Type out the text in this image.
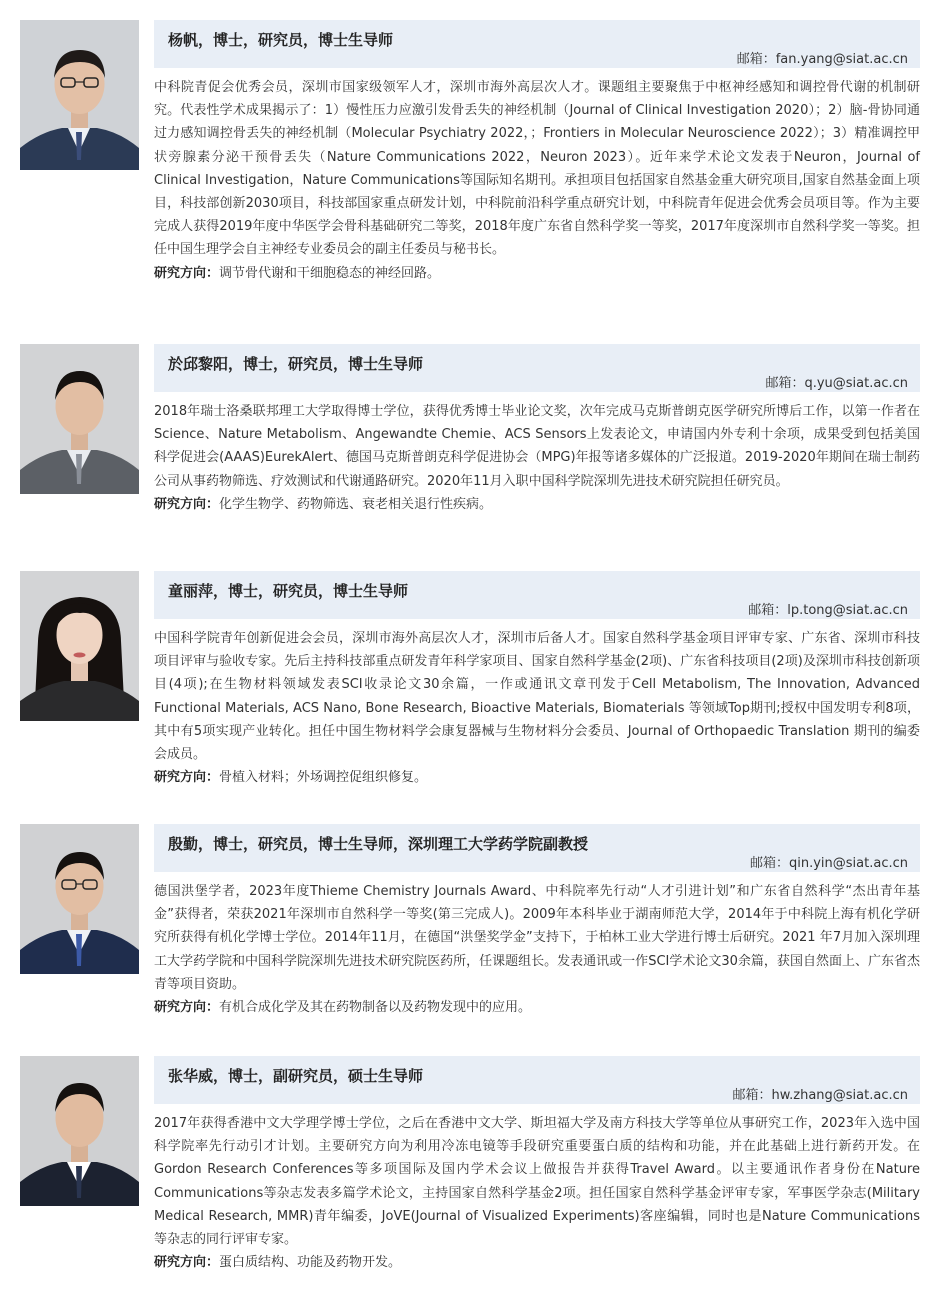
杨帆，博士，研究员，博士生导师
邮箱：fan.yang@siat.ac.cn

中科院青促会优秀会员，深圳市国家级领军人才，深圳市海外高层次人才。课题组主要聚焦于中枢神经感知和调控骨代谢的机制研究。代表性学术成果揭示了：1）慢性压力应激引发骨丢失的神经机制（Journal of Clinical Investigation 2020）；2）脑-骨协同通过力感知调控骨丢失的神经机制（Molecular Psychiatry 2022，；Frontiers in Molecular Neuroscience 2022）；3）精准调控甲状旁腺素分泌干预骨丢失（Nature Communications 2022，Neuron 2023）。近年来学术论文发表于Neuron，Journal of Clinical Investigation，Nature Communications等国际知名期刊。承担项目包括国家自然基金重大研究项目,国家自然基金面上项目，科技部创新2030项目，科技部国家重点研发计划，中科院前沿科学重点研究计划，中科院青年促进会优秀会员项目等。作为主要完成人获得2019年度中华医学会骨科基础研究二等奖，2018年度广东省自然科学奖一等奖，2017年度深圳市自然科学奖一等奖。担任中国生理学会自主神经专业委员会的副主任委员与秘书长。

研究方向：调节骨代谢和干细胞稳态的神经回路。

於邱黎阳，博士，研究员，博士生导师
邮箱：q.yu@siat.ac.cn

2018年瑞士洛桑联邦理工大学取得博士学位，获得优秀博士毕业论文奖，次年完成马克斯普朗克医学研究所博后工作，以第一作者在Science、Nature Metabolism、Angewandte Chemie、ACS Sensors上发表论文，申请国内外专利十余项，成果受到包括美国科学促进会(AAAS)EurekAlert、德国马克斯普朗克科学促进协会（MPG)年报等诸多媒体的广泛报道。2019-2020年期间在瑞士制药公司从事药物筛选、疗效测试和代谢通路研究。2020年11月入职中国科学院深圳先进技术研究院担任研究员。

研究方向：化学生物学、药物筛选、衰老相关退行性疾病。

童丽萍，博士，研究员，博士生导师
邮箱：lp.tong@siat.ac.cn

中国科学院青年创新促进会会员，深圳市海外高层次人才，深圳市后备人才。国家自然科学基金项目评审专家、广东省、深圳市科技项目评审与验收专家。先后主持科技部重点研发青年科学家项目、国家自然科学基金(2项)、广东省科技项目(2项)及深圳市科技创新项目(4项);在生物材料领域发表SCI收录论文30余篇，一作或通讯文章刊发于Cell Metabolism, The Innovation, Advanced Functional Materials, ACS Nano, Bone Research, Bioactive Materials, Biomaterials 等领域Top期刊;授权中国发明专利8项，其中有5项实现产业转化。担任中国生物材料学会康复器械与生物材料分会委员、Journal of Orthopaedic Translation 期刊的编委会成员。

研究方向：骨植入材料；外场调控促组织修复。

殷勤，博士，研究员，博士生导师，深圳理工大学药学院副教授
邮箱：qin.yin@siat.ac.cn

德国洪堡学者，2023年度Thieme Chemistry Journals Award、中科院率先行动“人才引进计划”和广东省自然科学“杰出青年基金”获得者，荣获2021年深圳市自然科学一等奖(第三完成人)。2009年本科毕业于湖南师范大学，2014年于中科院上海有机化学研究所获得有机化学博士学位。2014年11月，在德国“洪堡奖学金”支持下，于柏林工业大学进行博士后研究。2021 年7月加入深圳理工大学药学院和中国科学院深圳先进技术研究院医药所，任课题组长。发表通讯或一作SCI学术论文30余篇，获国自然面上、广东省杰青等项目资助。

研究方向：有机合成化学及其在药物制备以及药物发现中的应用。

张华威，博士，副研究员，硕士生导师
邮箱：hw.zhang@siat.ac.cn

2017年获得香港中文大学理学博士学位，之后在香港中文大学、斯坦福大学及南方科技大学等单位从事研究工作，2023年入选中国科学院率先行动引才计划。主要研究方向为利用冷冻电镜等手段研究重要蛋白质的结构和功能，并在此基础上进行新药开发。在Gordon Research Conferences等多项国际及国内学术会议上做报告并获得Travel Award。以主要通讯作者身份在Nature Communications等杂志发表多篇学术论文，主持国家自然科学基金2项。担任国家自然科学基金评审专家，军事医学杂志(Military Medical Research, MMR)青年编委，JoVE(Journal of Visualized Experiments)客座编辑，同时也是Nature Communications等杂志的同行评审专家。

研究方向：蛋白质结构、功能及药物开发。
